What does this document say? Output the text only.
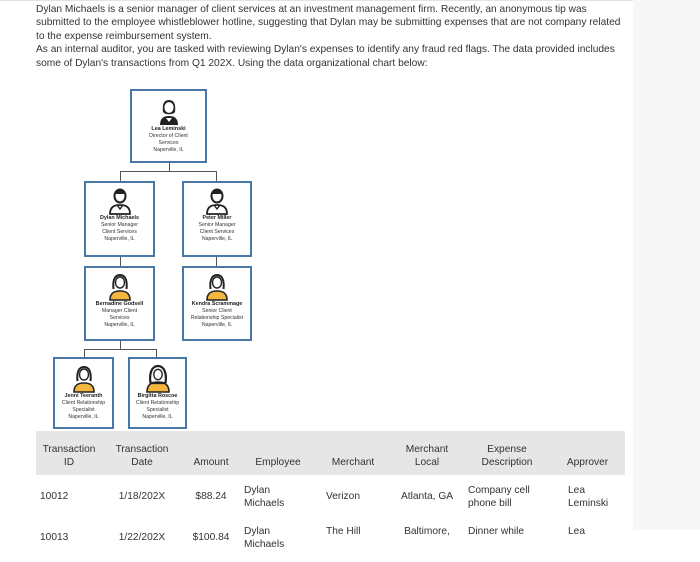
Dylan Michaels is a senior manager of client services at an investment management firm. Recently, an anonymous tip was submitted to the employee whistleblower hotline, suggesting that Dylan may be submitting expenses that are not company related to the expense reimbursement system.

As an internal auditor, you are tasked with reviewing Dylan's expenses to identify any fraud red flags. The data provided includes some of Dylan's transactions from Q1 202X. Using the data organizational chart below:

Lea Leminski
Director of Client
Services
Naperville, IL
Dylan Michaels
Senior Manager
Client Services
Naperville, IL
Peter Miller
Senior Manager
Client Services
Naperville, IL
Bernadine Godsell
Manager Client
Services
Naperville, IL
Kendra Scrammage
Senior Client
Relationship Specialist
Naperville, IL
Jenni Teeranth
Client Relationship
Specialist
Naperville, IL
Birgitta Roscoe
Client Relationship
Specialist
Naperville, IL
Transaction
ID	Transaction
Date	Amount	Employee	Merchant	Merchant
Local	Expense
Description	Approver
10012	1/18/202X	$88.24	Dylan
Michaels	Verizon	Atlanta, GA	Company cell
phone bill	Lea
Leminski
10013	1/22/202X	$100.84	Dylan
Michaels	The Hill	Baltimore,	Dinner while	Lea
